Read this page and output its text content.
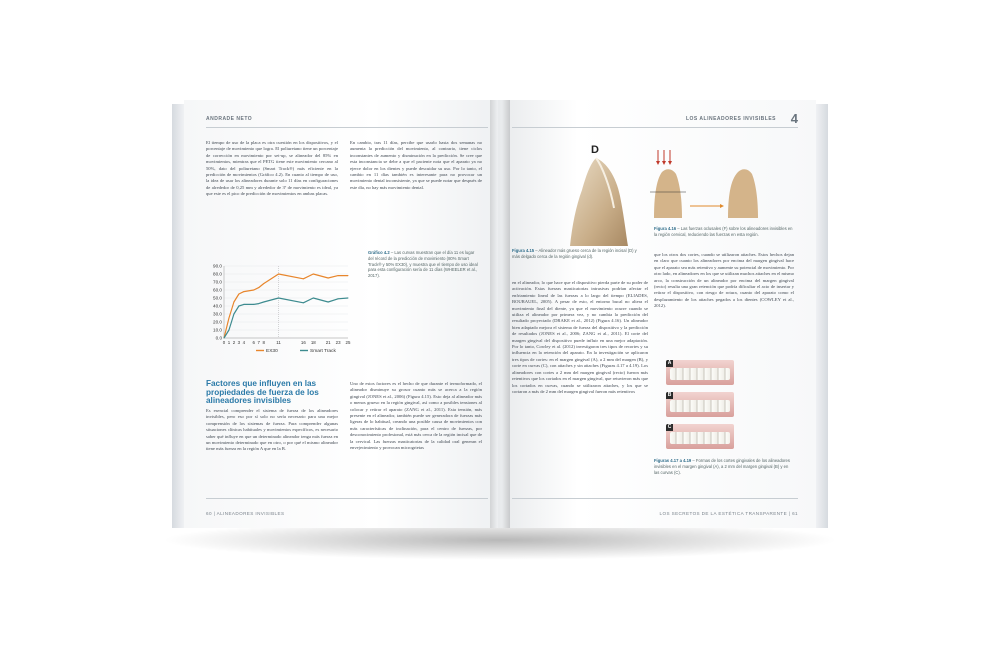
ANDRADE NETO
El tiempo de uso de la placa es otra cuestión en los dispositivos, y el porcentaje de movimiento que logra. El poliuretano tiene un porcentaje de corrección en movimiento por set-up, se alineador del 85% en movimientos, mientras que el PETG tiene este movimiento cercano al 50%, dato del poliuretano (Smart Track®) más eficiente en la predicción de movimientos (Gráfico 4.2). En cuanto al tiempo de uso, la idea de usar los alineadores durante solo 11 días en configuraciones de alrededor de 0,25 mm y alrededor de 3º de movimiento es ideal, ya que este es el pico de predicción de movimientos en ambas placas.
En cambio, tras 11 días, percibe que usarlo hasta dos semanas no aumenta la predicción del movimiento, al contrario, tiene ciclos inconstantes de aumento y disminución en la predicción. Se cree que esta inconstancia se debe a que el paciente nota que el aparato ya no ejerce dolor en los dientes y puede descuidar su uso. Por lo tanto, el cambio en 11 días también es interesante para no provocar un movimiento dental inconsistente, ya que se puede notar que después de este día, no hay más movimiento dental.
0.0
10.0
20.0
30.0
40.0
50.0
60.0
70.0
80.0
90.0
0 1 2 3 4 6 7 8	11	16 18 21 23 25
EX30	Smart Track
Gráfico 4.2 – Las curvas muestran que el día 11 es lugar del récord de la predicción de movimiento (80% Smart Track® y 50% EX30), y muestra que el tiempo de uso ideal para esta configuración sería de 11 días (WHEELER et al., 2017).
Factores que influyen en las propiedades de fuerza de los alineadores invisibles
Es esencial comprender el sistema de fuerza de los alineadores invisibles, pero eso por sí solo no sería necesario para una mejor comprensión de los sistemas de fuerza. Para comprender algunas situaciones clínicas habituales y movimientos específicos, es necesario saber qué influye en que un determinado alineador tenga más fuerza en un movimiento determinado que en otro, o por qué el mismo alineador tiene más fuerza en la región A que en la B.
Uno de estos factores es el hecho de que durante el termoformado, el alineador disminuye su grosor cuanto más se acerca a la región gingival (JONES et al., 2006) (Figura 4.15). Esto deja al alineador más o menos grueso en la región gingival, así como a posibles tensiones al colocar y retirar el aparato (ZANG et al., 2011). Esta tensión, más presente en el alineador, también puede ser generadora de fuerzas más ligeras de lo habitual, creando una posible causa de movimientos con más características de inclinación, para el centro de fuerzas, por desconocimiento profesional, está más cerca de la región incisal que de la cervical. Las fuerzas masticatorias de la calidad oral generan el envejecimiento y provocan microgrietas
60 | ALINEADORES INVISIBLES
LOS ALINEADORES INVISIBLES 4
D
Figura 4.15 – Alineador más grueso cerca de la región incisal (D) y más delgado cerca de la región gingival (d).
Figura 4.16 – Las fuerzas oclusales (F) sobre los alineadores invisibles en la región cervical, reduciendo las fuerzas en esta región.
en el alineador, lo que hace que el dispositivo pierda parte de su poder de activación. Estas fuerzas masticatorias intrusivas podrían afectar el enfriamiento lineal de las fuerzas a lo largo del tiempo (ELIADES, BOURAUEL, 2005). A pesar de esto, el entorno bucal no altera el movimiento final del diente, ya que el movimiento ocurre cuando se utiliza el alineador por primera vez, y no cambia la predicción del resultado proyectado (DRAKE et al., 2012) (Figura 4.16). Un alineador bien adaptado mejora el sistema de fuerza del dispositivo y la predicción de resultados (JONES et al., 2006; ZANG et al., 2011). El corte del margen gingival del dispositivo puede influir en una mejor adaptación. Por lo tanto, Cowley et al. (2012) investigaron tres tipos de recortes y su influencia en la retención del aparato. En la investigación se aplicaron tres tipos de cortes: en el margen gingival (A), a 2 mm del margen (B), y corte en curvas (C), con attaches y sin attaches (Figuras 4.17 a 4.19). Los alineadores con cortes a 2 mm del margen gingival (recto) fueron más retentivos que los cortados en el margen gingival, que retuvieron más que los cortados en curvas, cuando se utilizaron attaches, y los que se cortaron a más de 2 mm del margen gingival fueron más retentivos
que los otros dos cortes, cuando se utilizaron attaches. Estos hechos dejan en claro que cuanto los alineadores por encima del margen gingival hace que el aparato sea más retentivo y aumente su potencial de movimiento. Por otro lado, en alineadores en los que se utilizan muchos attaches en el mismo arco, la construcción de un alineador por encima del margen gingival (recto) resulta una gran retención que podría dificultar el acto de insertar y retirar el dispositivo, con riesgo de rotura, cuanto del aparato como el desplazamiento de los attaches pegados a los dientes (COWLEY et al., 2012).
A
B
C
Figuras 4.17 a 4.19 – Formas de los cortes gingivales de los alineadores invisibles en el margen gingival (A), a 2 mm del margen gingival (B) y en las curvas (C).
LOS SECRETOS DE LA ESTÉTICA TRANSPARENTE | 61
